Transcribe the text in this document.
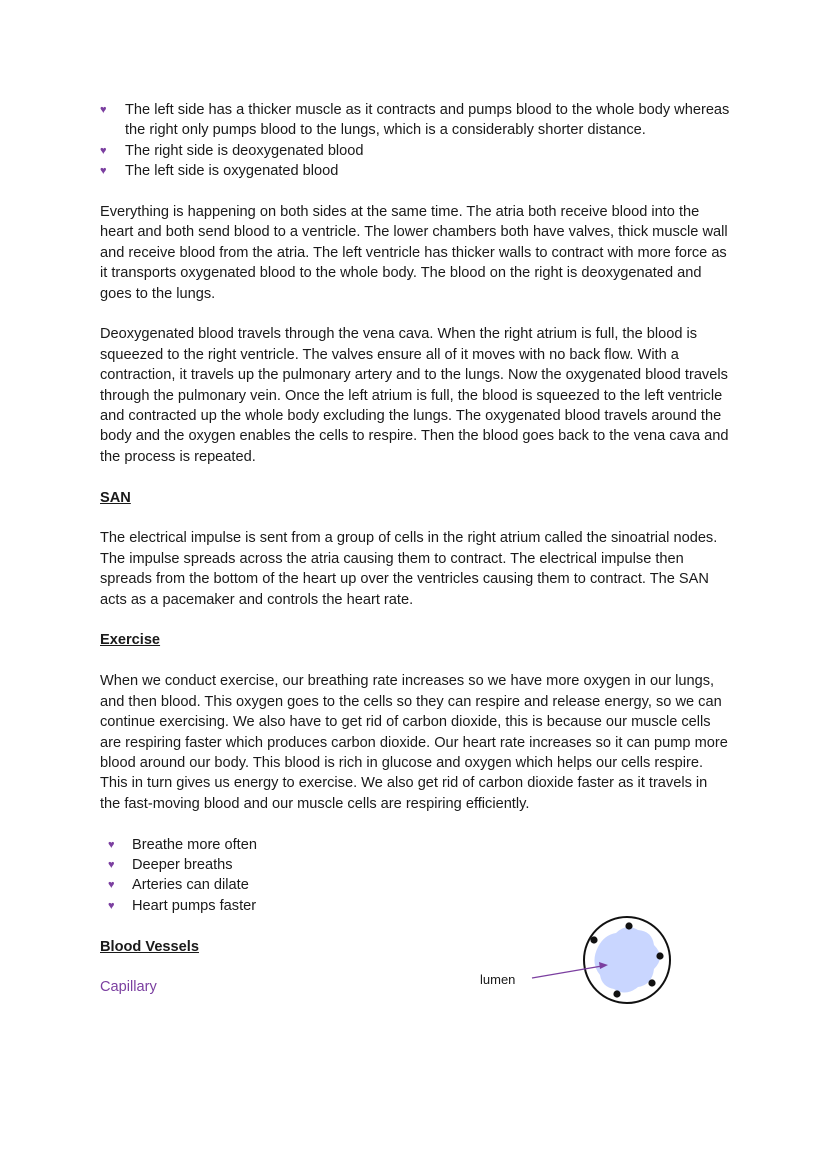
♥ The left side has a thicker muscle as it contracts and pumps blood to the whole body whereas the right only pumps blood to the lungs, which is a considerably shorter distance.
♥ The right side is deoxygenated blood
♥ The left side is oxygenated blood

Everything is happening on both sides at the same time. The atria both receive blood into the heart and both send blood to a ventricle. The lower chambers both have valves, thick muscle wall and receive blood from the atria. The left ventricle has thicker walls to contract with more force as it transports oxygenated blood to the whole body. The blood on the right is deoxygenated and goes to the lungs.

Deoxygenated blood travels through the vena cava. When the right atrium is full, the blood is squeezed to the right ventricle. The valves ensure all of it moves with no back flow. With a contraction, it travels up the pulmonary artery and to the lungs. Now the oxygenated blood travels through the pulmonary vein. Once the left atrium is full, the blood is squeezed to the left ventricle and contracted up the whole body excluding the lungs. The oxygenated blood travels around the body and the oxygen enables the cells to respire. Then the blood goes back to the vena cava and the process is repeated.

SAN

The electrical impulse is sent from a group of cells in the right atrium called the sinoatrial nodes. The impulse spreads across the atria causing them to contract. The electrical impulse then spreads from the bottom of the heart up over the ventricles causing them to contract. The SAN acts as a pacemaker and controls the heart rate.

Exercise

When we conduct exercise, our breathing rate increases so we have more oxygen in our lungs, and then blood. This oxygen goes to the cells so they can respire and release energy, so we can continue exercising. We also have to get rid of carbon dioxide, this is because our muscle cells are respiring faster which produces carbon dioxide. Our heart rate increases so it can pump more blood around our body. This blood is rich in glucose and oxygen which helps our cells respire. This in turn gives us energy to exercise. We also get rid of carbon dioxide faster as it travels in the fast-moving blood and our muscle cells are respiring efficiently.

♥ Breathe more often
♥ Deeper breaths
♥ Arteries can dilate
♥ Heart pumps faster

Blood Vessels

Capillary	lumen
